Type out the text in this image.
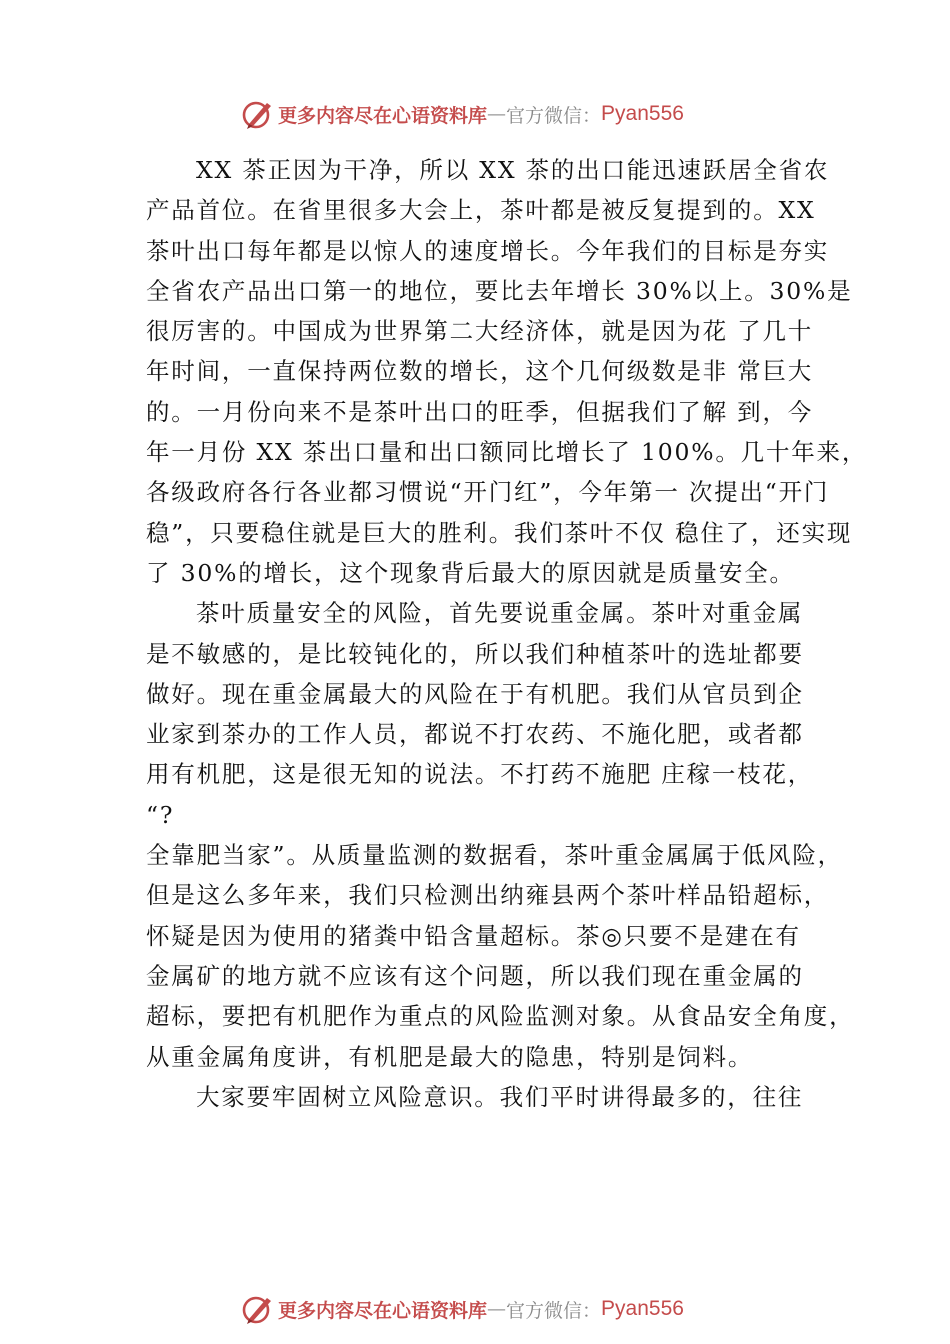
更多内容尽在心语资料库 — 官方微信： Pyan556
XX 茶正因为干净，所以 XX 茶的出口能迅速跃居全省农
产品首位。在省里很多大会上，茶叶都是被反复提到的。XX
茶叶出口每年都是以惊人的速度增长。今年我们的目标是夯实
全省农产品出口第一的地位，要比去年增长 30%以上。30%是
很厉害的。中国成为世界第二大经济体，就是因为花 了几十
年时间，一直保持两位数的增长，这个几何级数是非 常巨大
的。一月份向来不是茶叶出口的旺季，但据我们了解 到，今
年一月份 XX 茶出口量和出口额同比增长了 100%。几十年来，
各级政府各行各业都习惯说“开门红”，今年第一 次提出“开门
稳”，只要稳住就是巨大的胜利。我们茶叶不仅 稳住了，还实现
了 30%的增长，这个现象背后最大的原因就是质量安全。
茶叶质量安全的风险，首先要说重金属。茶叶对重金属
是不敏感的，是比较钝化的，所以我们种植茶叶的选址都要
做好。现在重金属最大的风险在于有机肥。我们从官员到企
业家到茶办的工作人员，都说不打农药、不施化肥，或者都
用有机肥，这是很无知的说法。不打药不施肥 庄稼一枝花，
“?
全靠肥当家”。从质量监测的数据看，茶叶重金属属于低风险，
但是这么多年来，我们只检测出纳雍县两个茶叶样品铅超标，
怀疑是因为使用的猪粪中铅含量超标。茶◎只要不是建在有
金属矿的地方就不应该有这个问题，所以我们现在重金属的
超标，要把有机肥作为重点的风险监测对象。从食品安全角度，
从重金属角度讲，有机肥是最大的隐患，特别是饲料。
大家要牢固树立风险意识。我们平时讲得最多的，往往
更多内容尽在心语资料库 — 官方微信： Pyan556
